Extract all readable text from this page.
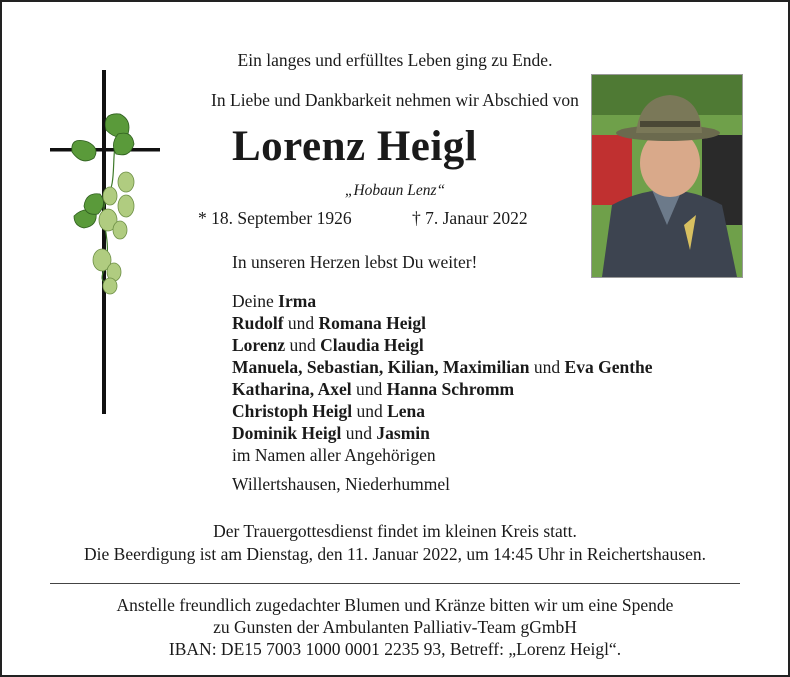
Ein langes und erfülltes Leben ging zu Ende.
In Liebe und Dankbarkeit nehmen wir Abschied von
Lorenz Heigl
„Hobaun Lenz“
* 18. September 1926	† 7. Janaur 2022
In unseren Herzen lebst Du weiter!
Deine Irma
Rudolf und Romana Heigl
Lorenz und Claudia Heigl
Manuela, Sebastian, Kilian, Maximilian und Eva Genthe
Katharina, Axel und Hanna Schromm
Christoph Heigl und Lena
Dominik Heigl und Jasmin
im Namen aller Angehörigen
Willertshausen, Niederhummel
Der Trauergottesdienst findet im kleinen Kreis statt.
Die Beerdigung ist am Dienstag, den 11. Januar 2022, um 14:45 Uhr in Reichertshausen.
Anstelle freundlich zugedachter Blumen und Kränze bitten wir um eine Spende
zu Gunsten der Ambulanten Palliativ-Team gGmbH
IBAN: DE15 7003 1000 0001 2235 93, Betreff: „Lorenz Heigl“.
